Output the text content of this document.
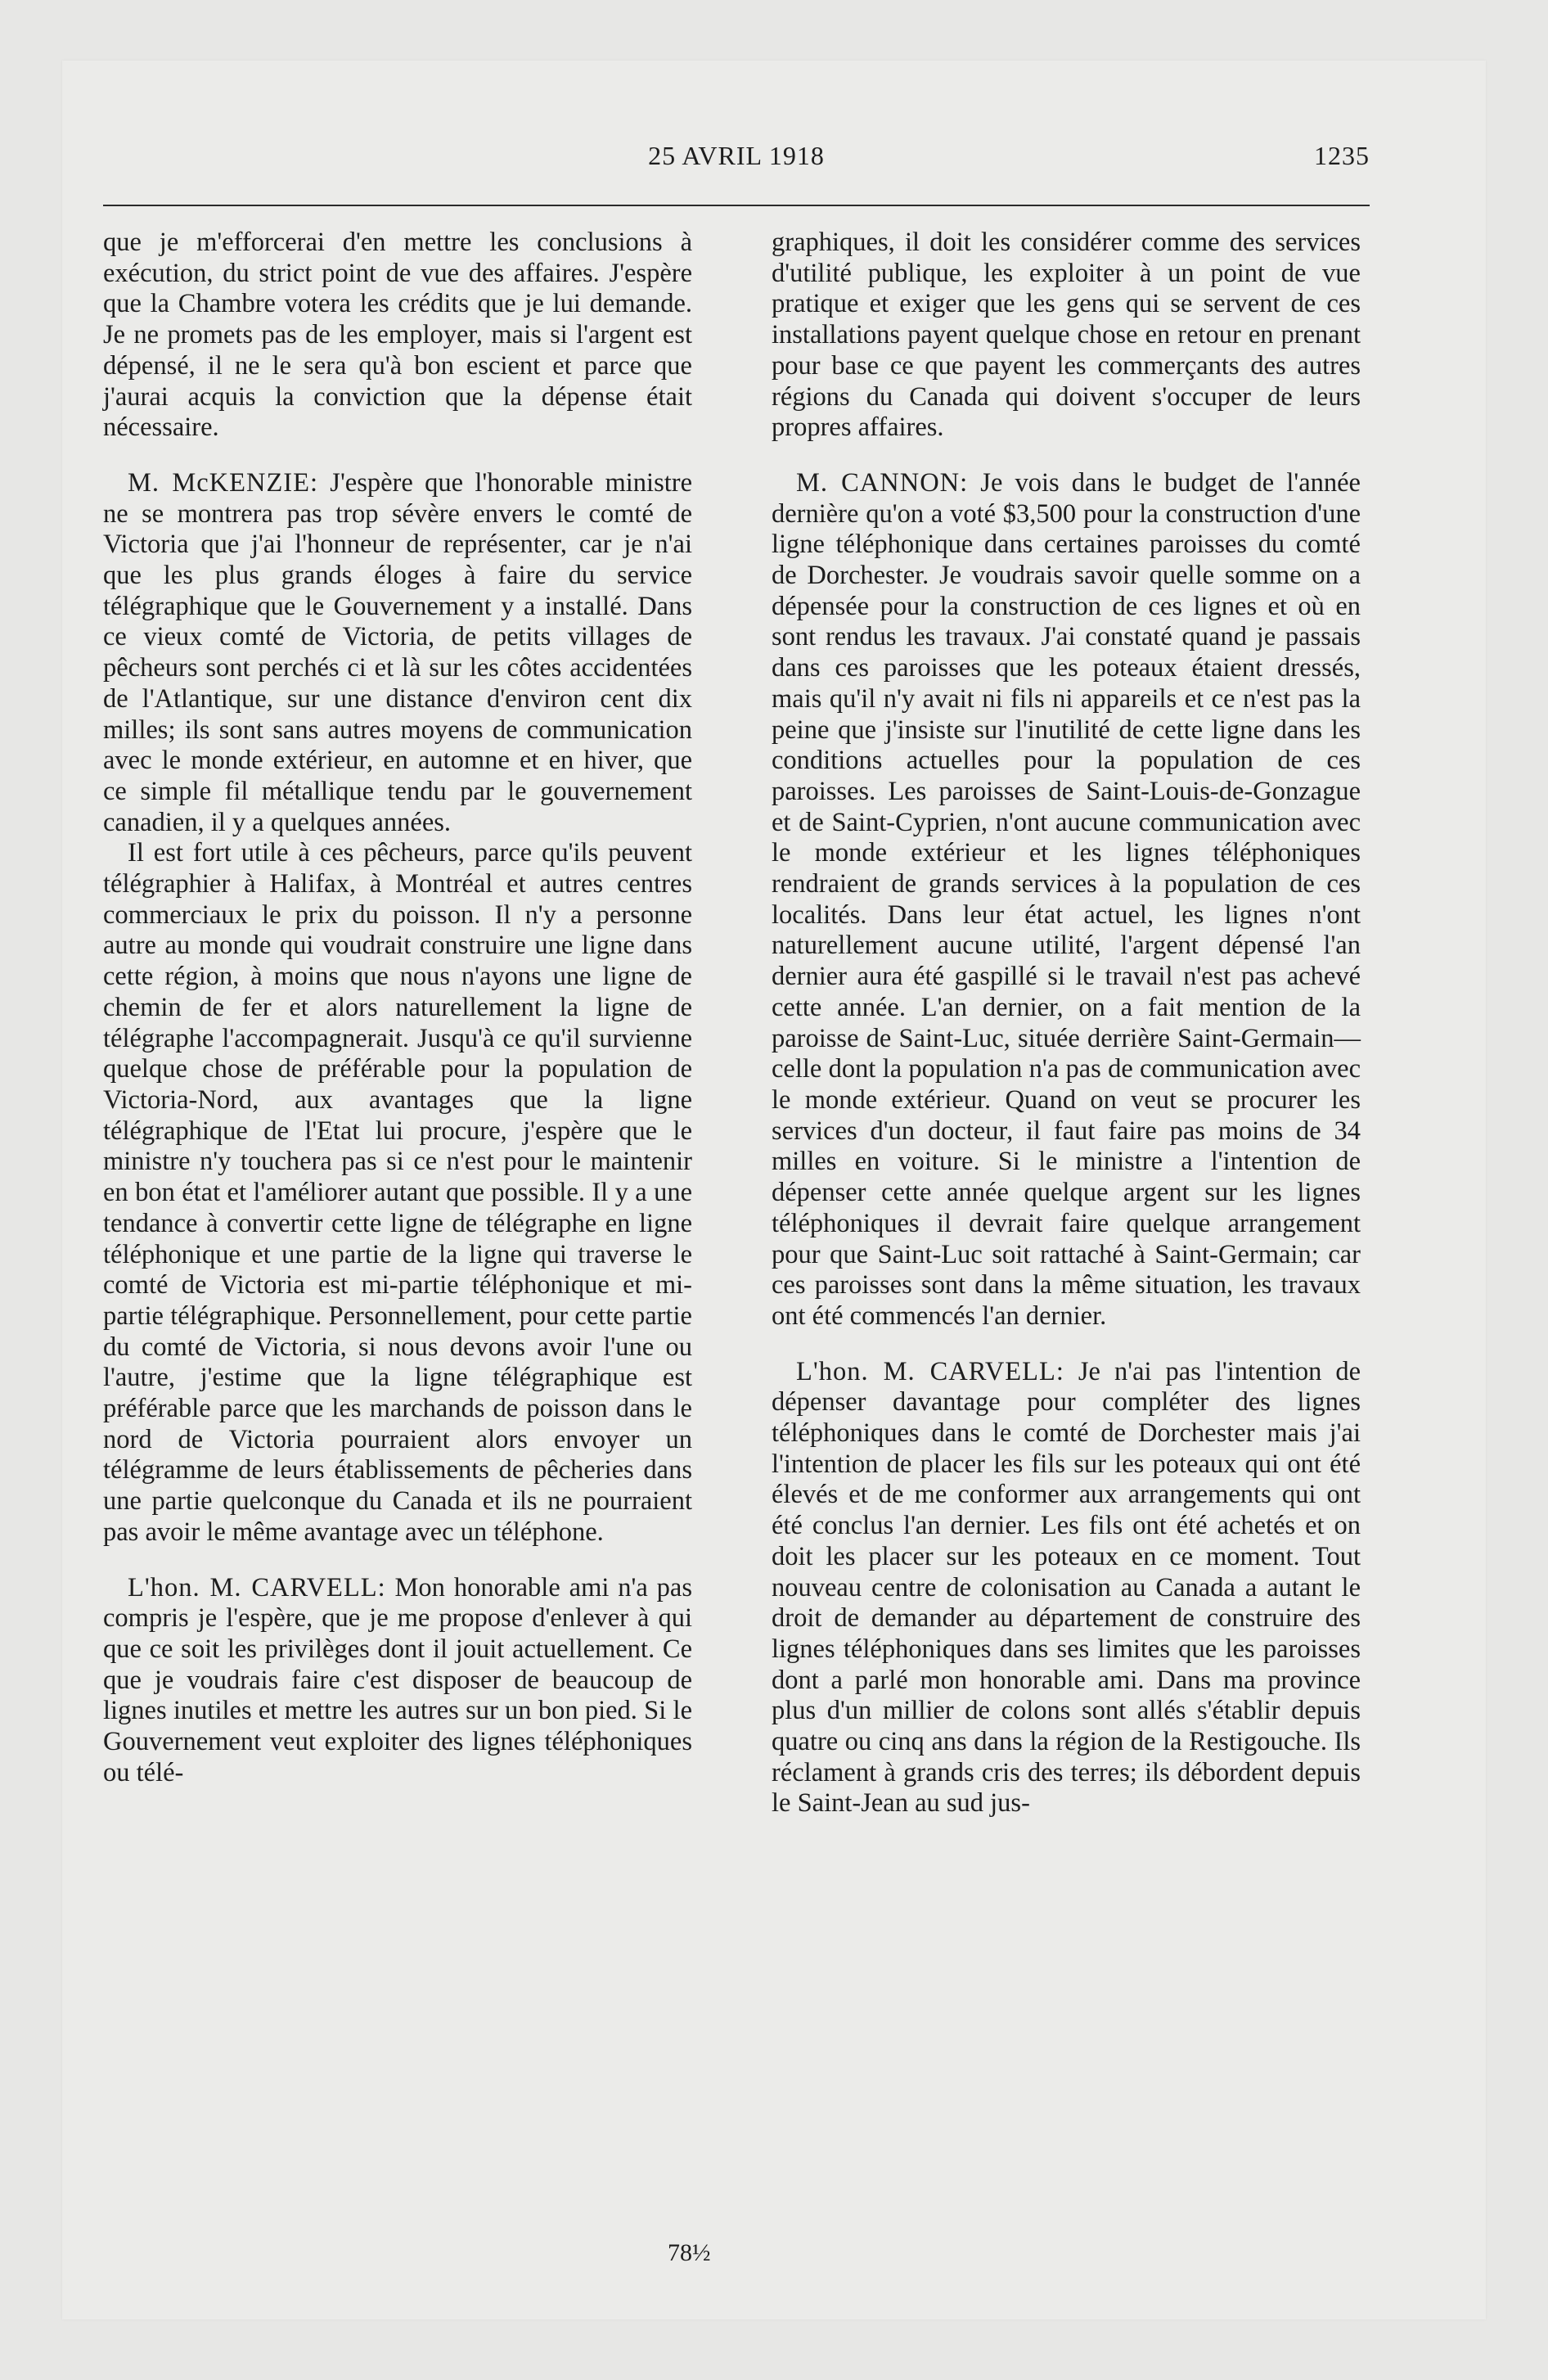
25 AVRIL 1918	1235

que je m'efforcerai d'en mettre les conclusions à exécution, du strict point de vue des affaires. J'espère que la Chambre votera les crédits que je lui demande. Je ne promets pas de les employer, mais si l'argent est dépensé, il ne le sera qu'à bon escient et parce que j'aurai acquis la conviction que la dépense était nécessaire.

M. McKENZIE: J'espère que l'honorable ministre ne se montrera pas trop sévère envers le comté de Victoria que j'ai l'honneur de représenter, car je n'ai que les plus grands éloges à faire du service télégraphique que le Gouvernement y a installé. Dans ce vieux comté de Victoria, de petits villages de pêcheurs sont perchés ci et là sur les côtes accidentées de l'Atlantique, sur une distance d'environ cent dix milles; ils sont sans autres moyens de communication avec le monde extérieur, en automne et en hiver, que ce simple fil métallique tendu par le gouvernement canadien, il y a quelques années.

Il est fort utile à ces pêcheurs, parce qu'ils peuvent télégraphier à Halifax, à Montréal et autres centres commerciaux le prix du poisson. Il n'y a personne autre au monde qui voudrait construire une ligne dans cette région, à moins que nous n'ayons une ligne de chemin de fer et alors naturellement la ligne de télégraphe l'accompagnerait. Jusqu'à ce qu'il survienne quelque chose de préférable pour la population de Victoria-Nord, aux avantages que la ligne télégraphique de l'Etat lui procure, j'espère que le ministre n'y touchera pas si ce n'est pour le maintenir en bon état et l'améliorer autant que possible. Il y a une tendance à convertir cette ligne de télégraphe en ligne téléphonique et une partie de la ligne qui traverse le comté de Victoria est mi-partie téléphonique et mi-partie télégraphique. Personnellement, pour cette partie du comté de Victoria, si nous devons avoir l'une ou l'autre, j'estime que la ligne télégraphique est préférable parce que les marchands de poisson dans le nord de Victoria pourraient alors envoyer un télégramme de leurs établissements de pêcheries dans une partie quelconque du Canada et ils ne pourraient pas avoir le même avantage avec un téléphone.

L'hon. M. CARVELL: Mon honorable ami n'a pas compris je l'espère, que je me propose d'enlever à qui que ce soit les privilèges dont il jouit actuellement. Ce que je voudrais faire c'est disposer de beaucoup de lignes inutiles et mettre les autres sur un bon pied. Si le Gouvernement veut exploiter des lignes téléphoniques ou télé-

graphiques, il doit les considérer comme des services d'utilité publique, les exploiter à un point de vue pratique et exiger que les gens qui se servent de ces installations payent quelque chose en retour en prenant pour base ce que payent les commerçants des autres régions du Canada qui doivent s'occuper de leurs propres affaires.

M. CANNON: Je vois dans le budget de l'année dernière qu'on a voté $3,500 pour la construction d'une ligne téléphonique dans certaines paroisses du comté de Dorchester. Je voudrais savoir quelle somme on a dépensée pour la construction de ces lignes et où en sont rendus les travaux. J'ai constaté quand je passais dans ces paroisses que les poteaux étaient dressés, mais qu'il n'y avait ni fils ni appareils et ce n'est pas la peine que j'insiste sur l'inutilité de cette ligne dans les conditions actuelles pour la population de ces paroisses. Les paroisses de Saint-Louis-de-Gonzague et de Saint-Cyprien, n'ont aucune communication avec le monde extérieur et les lignes téléphoniques rendraient de grands services à la population de ces localités. Dans leur état actuel, les lignes n'ont naturellement aucune utilité, l'argent dépensé l'an dernier aura été gaspillé si le travail n'est pas achevé cette année. L'an dernier, on a fait mention de la paroisse de Saint-Luc, située derrière Saint-Germain—celle dont la population n'a pas de communication avec le monde extérieur. Quand on veut se procurer les services d'un docteur, il faut faire pas moins de 34 milles en voiture. Si le ministre a l'intention de dépenser cette année quelque argent sur les lignes téléphoniques il devrait faire quelque arrangement pour que Saint-Luc soit rattaché à Saint-Germain; car ces paroisses sont dans la même situation, les travaux ont été commencés l'an dernier.

L'hon. M. CARVELL: Je n'ai pas l'intention de dépenser davantage pour compléter des lignes téléphoniques dans le comté de Dorchester mais j'ai l'intention de placer les fils sur les poteaux qui ont été élevés et de me conformer aux arrangements qui ont été conclus l'an dernier. Les fils ont été achetés et on doit les placer sur les poteaux en ce moment. Tout nouveau centre de colonisation au Canada a autant le droit de demander au département de construire des lignes téléphoniques dans ses limites que les paroisses dont a parlé mon honorable ami. Dans ma province plus d'un millier de colons sont allés s'établir depuis quatre ou cinq ans dans la région de la Restigouche. Ils réclament à grands cris des terres; ils débordent depuis le Saint-Jean au sud jus-

78½
